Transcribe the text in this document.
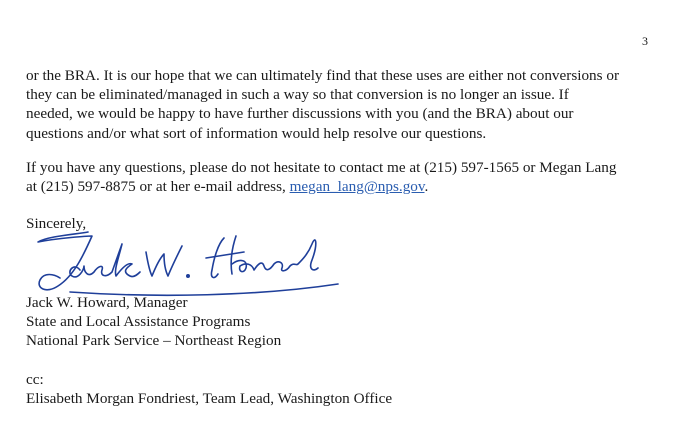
3

or the BRA. It is our hope that we can ultimately find that these uses are either not conversions or
they can be eliminated/managed in such a way so that conversion is no longer an issue. If
needed, we would be happy to have further discussions with you (and the BRA) about our
questions and/or what sort of information would help resolve our questions.

If you have any questions, please do not hesitate to contact me at (215) 597-1565 or Megan Lang
at (215) 597-8875 or at her e-mail address, megan_lang@nps.gov.

Sincerely,
Jack W. Howard, Manager
State and Local Assistance Programs
National Park Service – Northeast Region
cc:
Elisabeth Morgan Fondriest, Team Lead, Washington Office
